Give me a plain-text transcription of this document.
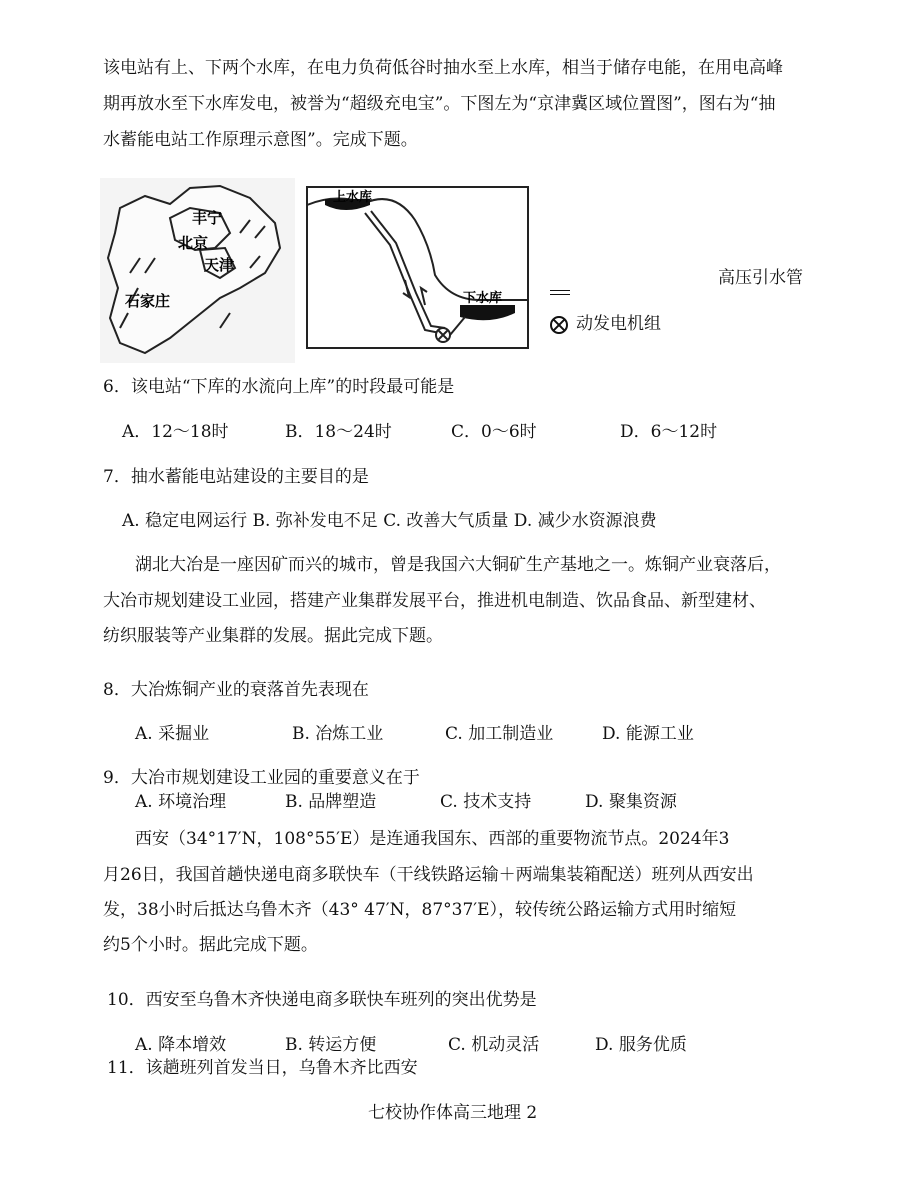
该电站有上、下两个水库，在电力负荷低谷时抽水至上水库，相当于储存电能，在用电高峰
期再放水至下水库发电，被誉为“超级充电宝”。下图左为“京津冀区域位置图”，图右为“抽
水蓄能电站工作原理示意图”。完成下题。
丰宁
北京
天津
石家庄
上水库
下水库
高压引水管
动发电机组
6．该电站“下库的水流向上库”的时段最可能是
A．12～18时	B．18～24时	C．0～6时	D．6～12时
7．抽水蓄能电站建设的主要目的是
A. 稳定电网运行 B. 弥补发电不足 C. 改善大气质量 D. 减少水资源浪费
湖北大冶是一座因矿而兴的城市，曾是我国六大铜矿生产基地之一。炼铜产业衰落后，
大冶市规划建设工业园，搭建产业集群发展平台，推进机电制造、饮品食品、新型建材、
纺织服装等产业集群的发展。据此完成下题。
8．大冶炼铜产业的衰落首先表现在
A. 采掘业	B. 冶炼工业	C. 加工制造业	D. 能源工业
9．大冶市规划建设工业园的重要意义在于
A. 环境治理	B. 品牌塑造	C. 技术支持	D. 聚集资源
西安（34°17′N，108°55′E）是连通我国东、西部的重要物流节点。2024年3
月26日，我国首趟快递电商多联快车（干线铁路运输＋两端集装箱配送）班列从西安出
发，38小时后抵达乌鲁木齐（43° 47′N，87°37′E），较传统公路运输方式用时缩短
约5个小时。据此完成下题。
10．西安至乌鲁木齐快递电商多联快车班列的突出优势是
A. 降本增效	B. 转运方便	C. 机动灵活	D. 服务优质
11．该趟班列首发当日，乌鲁木齐比西安
七校协作体高三地理 2
